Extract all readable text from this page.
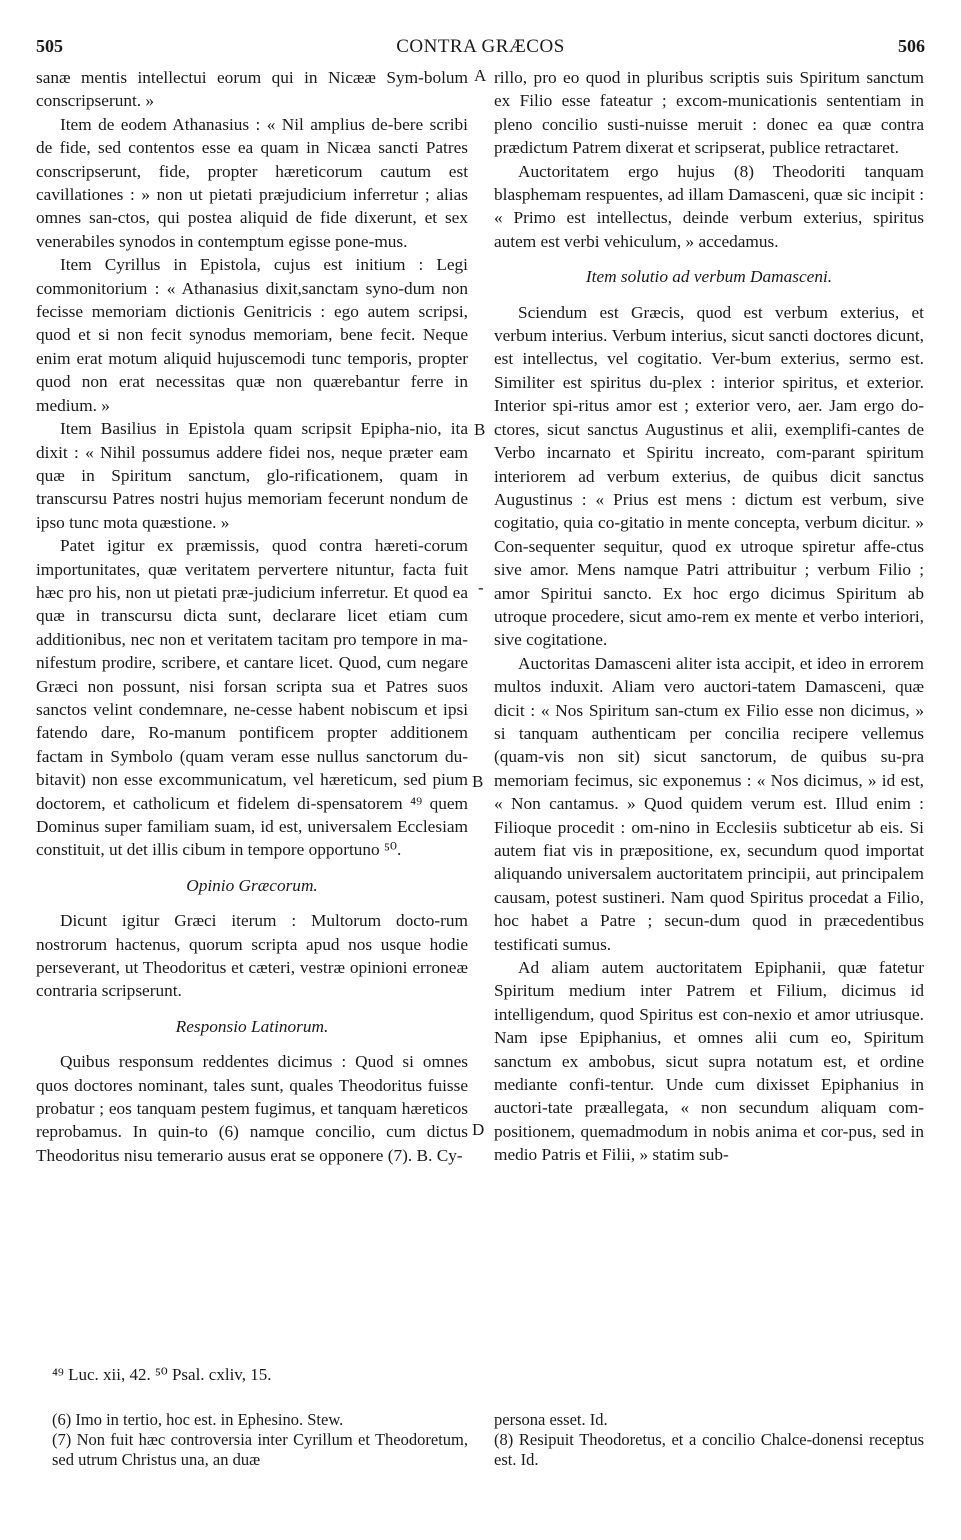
505	CONTRA GRÆCOS	506

sanæ mentis intellectui eorum qui in Nicææ Sym-bolum conscripserunt. »

Item de eodem Athanasius : « Nil amplius de-bere scribi de fide, sed contentos esse ea quam in Nicæa sancti Patres conscripserunt, fide, propter hæreticorum cautum est cavillationes : » non ut pietati præjudicium inferretur ; alias omnes san-ctos, qui postea aliquid de fide dixerunt, et sex venerabiles synodos in contemptum egisse pone-mus.

Item Cyrillus in Epistola, cujus est initium : Legi commonitorium : « Athanasius dixit,sanctam syno-dum non fecisse memoriam dictionis Genitricis : ego autem scripsi, quod et si non fecit synodus memoriam, bene fecit. Neque enim erat motum aliquid hujuscemodi tunc temporis, propter quod non erat necessitas quæ non quærebantur ferre in medium. »

Item Basilius in Epistola quam scripsit Epipha-nio, ita dixit : « Nihil possumus addere fidei nos, neque præter eam quæ in Spiritum sanctum, glo-rificationem, quam in transcursu Patres nostri hujus memoriam fecerunt nondum de ipso tunc mota quæstione. »

Patet igitur ex præmissis, quod contra hæreti-corum importunitates, quæ veritatem pervertere nituntur, facta fuit hæc pro his, non ut pietati præ-judicium inferretur. Et quod ea quæ in transcursu dicta sunt, declarare licet etiam cum additionibus, nec non et veritatem tacitam pro tempore in ma-nifestum prodire, scribere, et cantare licet. Quod, cum negare Græci non possunt, nisi forsan scripta sua et Patres suos sanctos velint condemnare, ne-cesse habent nobiscum et ipsi fatendo dare, Ro-manum pontificem propter additionem factam in Symbolo (quam veram esse nullus sanctorum du-bitavit) non esse excommunicatum, vel hæreticum, sed pium doctorem, et catholicum et fidelem di-spensatorem ⁴⁹ quem Dominus super familiam suam, id est, universalem Ecclesiam constituit, ut det illis cibum in tempore opportuno ⁵⁰.

Opinio Græcorum.

Dicunt igitur Græci iterum : Multorum docto-rum nostrorum hactenus, quorum scripta apud nos usque hodie perseverant, ut Theodoritus et cæteri, vestræ opinioni erroneæ contraria scripserunt.

Responsio Latinorum.

Quibus responsum reddentes dicimus : Quod si omnes quos doctores nominant, tales sunt, quales Theodoritus fuisse probatur ; eos tanquam pestem fugimus, et tanquam hæreticos reprobamus. In quin-to (6) namque concilio, cum dictus Theodoritus nisu temerario ausus erat se opponere (7). B. Cy-

A
B
-
B
D

rillo, pro eo quod in pluribus scriptis suis Spiritum sanctum ex Filio esse fateatur ; excom-municationis sententiam in pleno concilio susti-nuisse meruit : donec ea quæ contra prædictum Patrem dixerat et scripserat, publice retractaret.

Auctoritatem ergo hujus (8) Theodoriti tanquam blasphemam respuentes, ad illam Damasceni, quæ sic incipit : « Primo est intellectus, deinde verbum exterius, spiritus autem est verbi vehiculum, » accedamus.

Item solutio ad verbum Damasceni.

Sciendum est Græcis, quod est verbum exterius, et verbum interius. Verbum interius, sicut sancti doctores dicunt, est intellectus, vel cogitatio. Ver-bum exterius, sermo est. Similiter est spiritus du-plex : interior spiritus, et exterior. Interior spi-ritus amor est ; exterior vero, aer. Jam ergo do-ctores, sicut sanctus Augustinus et alii, exemplifi-cantes de Verbo incarnato et Spiritu increato, com-parant spiritum interiorem ad verbum exterius, de quibus dicit sanctus Augustinus : « Prius est mens : dictum est verbum, sive cogitatio, quia co-gitatio in mente concepta, verbum dicitur. » Con-sequenter sequitur, quod ex utroque spiretur affe-ctus sive amor. Mens namque Patri attribuitur ; verbum Filio ; amor Spiritui sancto. Ex hoc ergo dicimus Spiritum ab utroque procedere, sicut amo-rem ex mente et verbo interiori, sive cogitatione.

Auctoritas Damasceni aliter ista accipit, et ideo in errorem multos induxit. Aliam vero auctori-tatem Damasceni, quæ dicit : « Nos Spiritum san-ctum ex Filio esse non dicimus, » si tanquam authenticam per concilia recipere vellemus (quam-vis non sit) sicut sanctorum, de quibus su-pra memoriam fecimus, sic exponemus : « Nos dicimus, » id est, « Non cantamus. » Quod quidem verum est. Illud enim : Filioque procedit : om-nino in Ecclesiis subticetur ab eis. Si autem fiat vis in præpositione, ex, secundum quod importat aliquando universalem auctoritatem principii, aut principalem causam, potest sustineri. Nam quod Spiritus procedat a Filio, hoc habet a Patre ; secun-dum quod in præcedentibus testificati sumus.

Ad aliam autem auctoritatem Epiphanii, quæ fatetur Spiritum medium inter Patrem et Filium, dicimus id intelligendum, quod Spiritus est con-nexio et amor utriusque. Nam ipse Epiphanius, et omnes alii cum eo, Spiritum sanctum ex ambobus, sicut supra notatum est, et ordine mediante confi-tentur. Unde cum dixisset Epiphanius in auctori-tate præallegata, « non secundum aliquam com-positionem, quemadmodum in nobis anima et cor-pus, sed in medio Patris et Filii, » statim sub-

⁴⁹ Luc. xii, 42. ⁵⁰ Psal. cxliv, 15.

(6) Imo in tertio, hoc est. in Ephesino. Stew.

(7) Non fuit hæc controversia inter Cyrillum et Theodoretum, sed utrum Christus una, an duæ

persona esset. Id.

(8) Resipuit Theodoretus, et a concilio Chalce-donensi receptus est. Id.
